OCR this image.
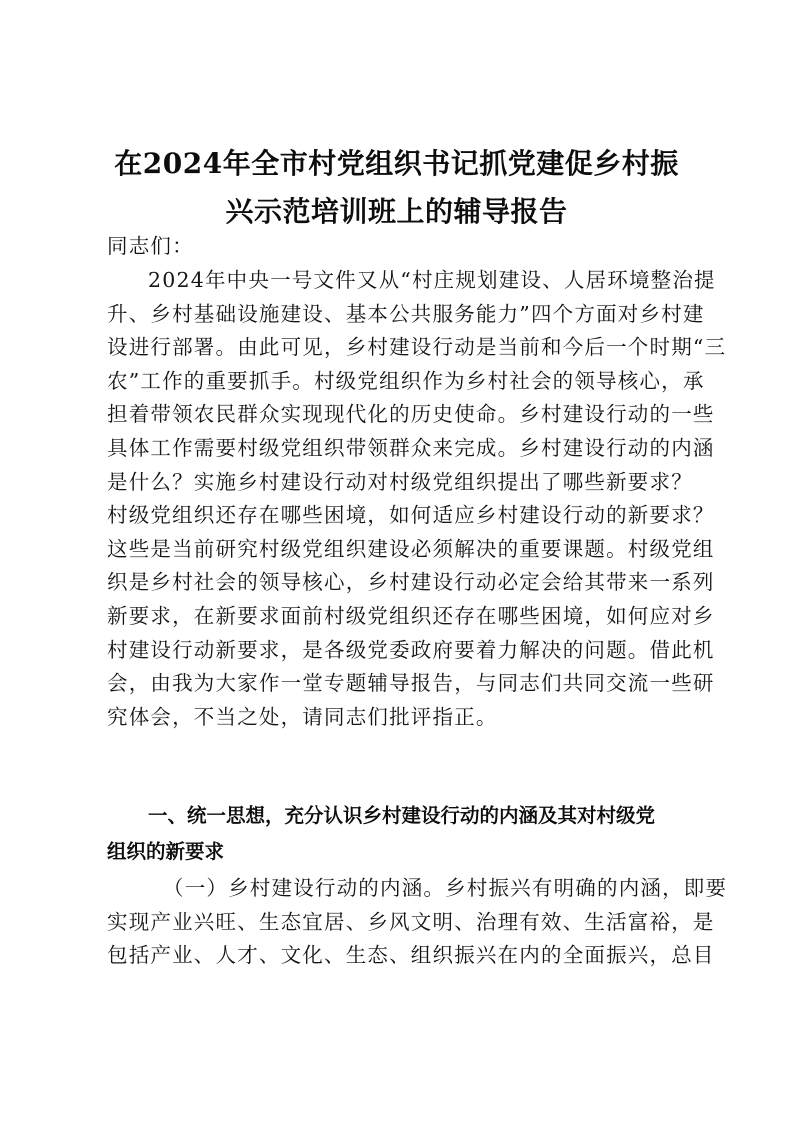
在2024年全市村党组织书记抓党建促乡村振
兴示范培训班上的辅导报告
同志们：
2024年中央一号文件又从“村庄规划建设、人居环境整治提
升、乡村基础设施建设、基本公共服务能力”四个方面对乡村建
设进行部署。由此可见，乡村建设行动是当前和今后一个时期“三
农”工作的重要抓手。村级党组织作为乡村社会的领导核心，承
担着带领农民群众实现现代化的历史使命。乡村建设行动的一些
具体工作需要村级党组织带领群众来完成。乡村建设行动的内涵
是什么？实施乡村建设行动对村级党组织提出了哪些新要求？
村级党组织还存在哪些困境，如何适应乡村建设行动的新要求？
这些是当前研究村级党组织建设必须解决的重要课题。村级党组
织是乡村社会的领导核心，乡村建设行动必定会给其带来一系列
新要求，在新要求面前村级党组织还存在哪些困境，如何应对乡
村建设行动新要求，是各级党委政府要着力解决的问题。借此机
会，由我为大家作一堂专题辅导报告，与同志们共同交流一些研
究体会，不当之处，请同志们批评指正。
一、统一思想，充分认识乡村建设行动的内涵及其对村级党
组织的新要求
（一）乡村建设行动的内涵。乡村振兴有明确的内涵，即要
实现产业兴旺、生态宜居、乡风文明、治理有效、生活富裕，是
包括产业、人才、文化、生态、组织振兴在内的全面振兴，总目
